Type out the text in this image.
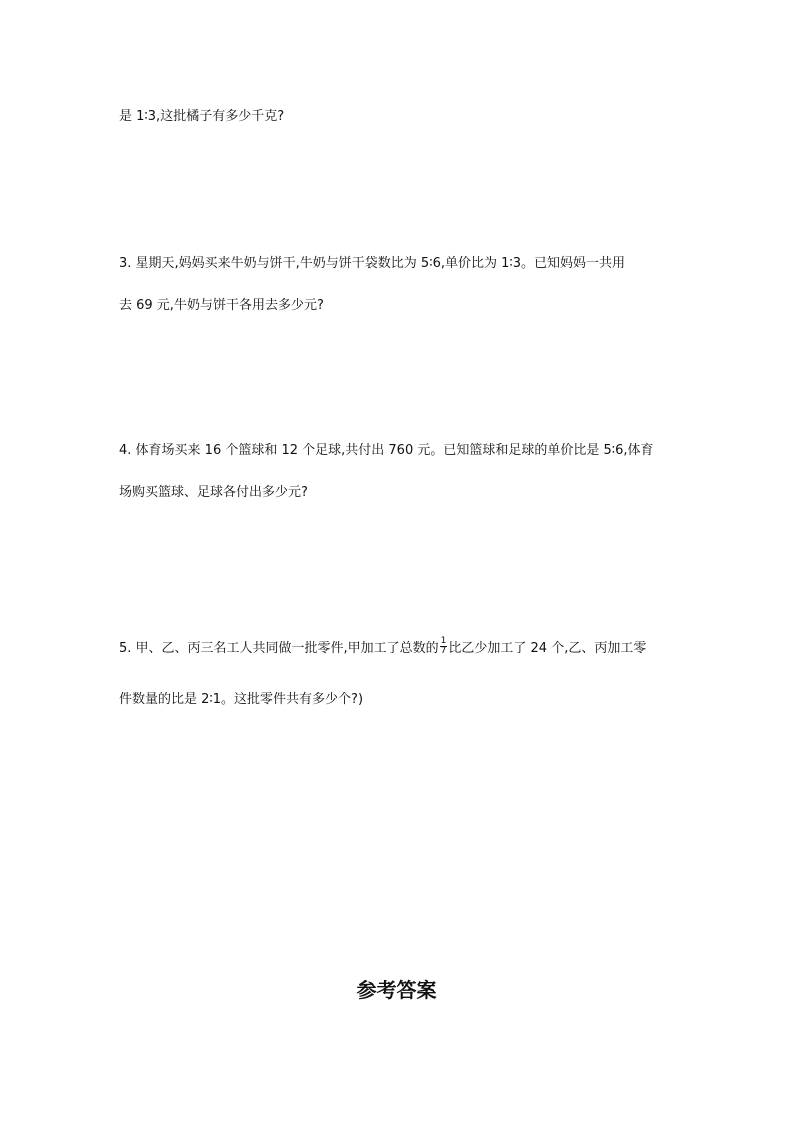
是 1∶3,这批橘子有多少千克?
3. 星期天,妈妈买来牛奶与饼干,牛奶与饼干袋数比为 5∶6,单价比为 1∶3。已知妈妈一共用
去 69 元,牛奶与饼干各用去多少元?
4. 体育场买来 16 个篮球和 12 个足球,共付出 760 元。已知篮球和足球的单价比是 5∶6,体育
场购买篮球、足球各付出多少元?
5. 甲、乙、丙三名工人共同做一批零件,甲加工了总数的 $\frac{1}{7}$ 比乙少加工了 24 个,乙、丙加工零
件数量的比是 2∶1。这批零件共有多少个?)
参考答案
